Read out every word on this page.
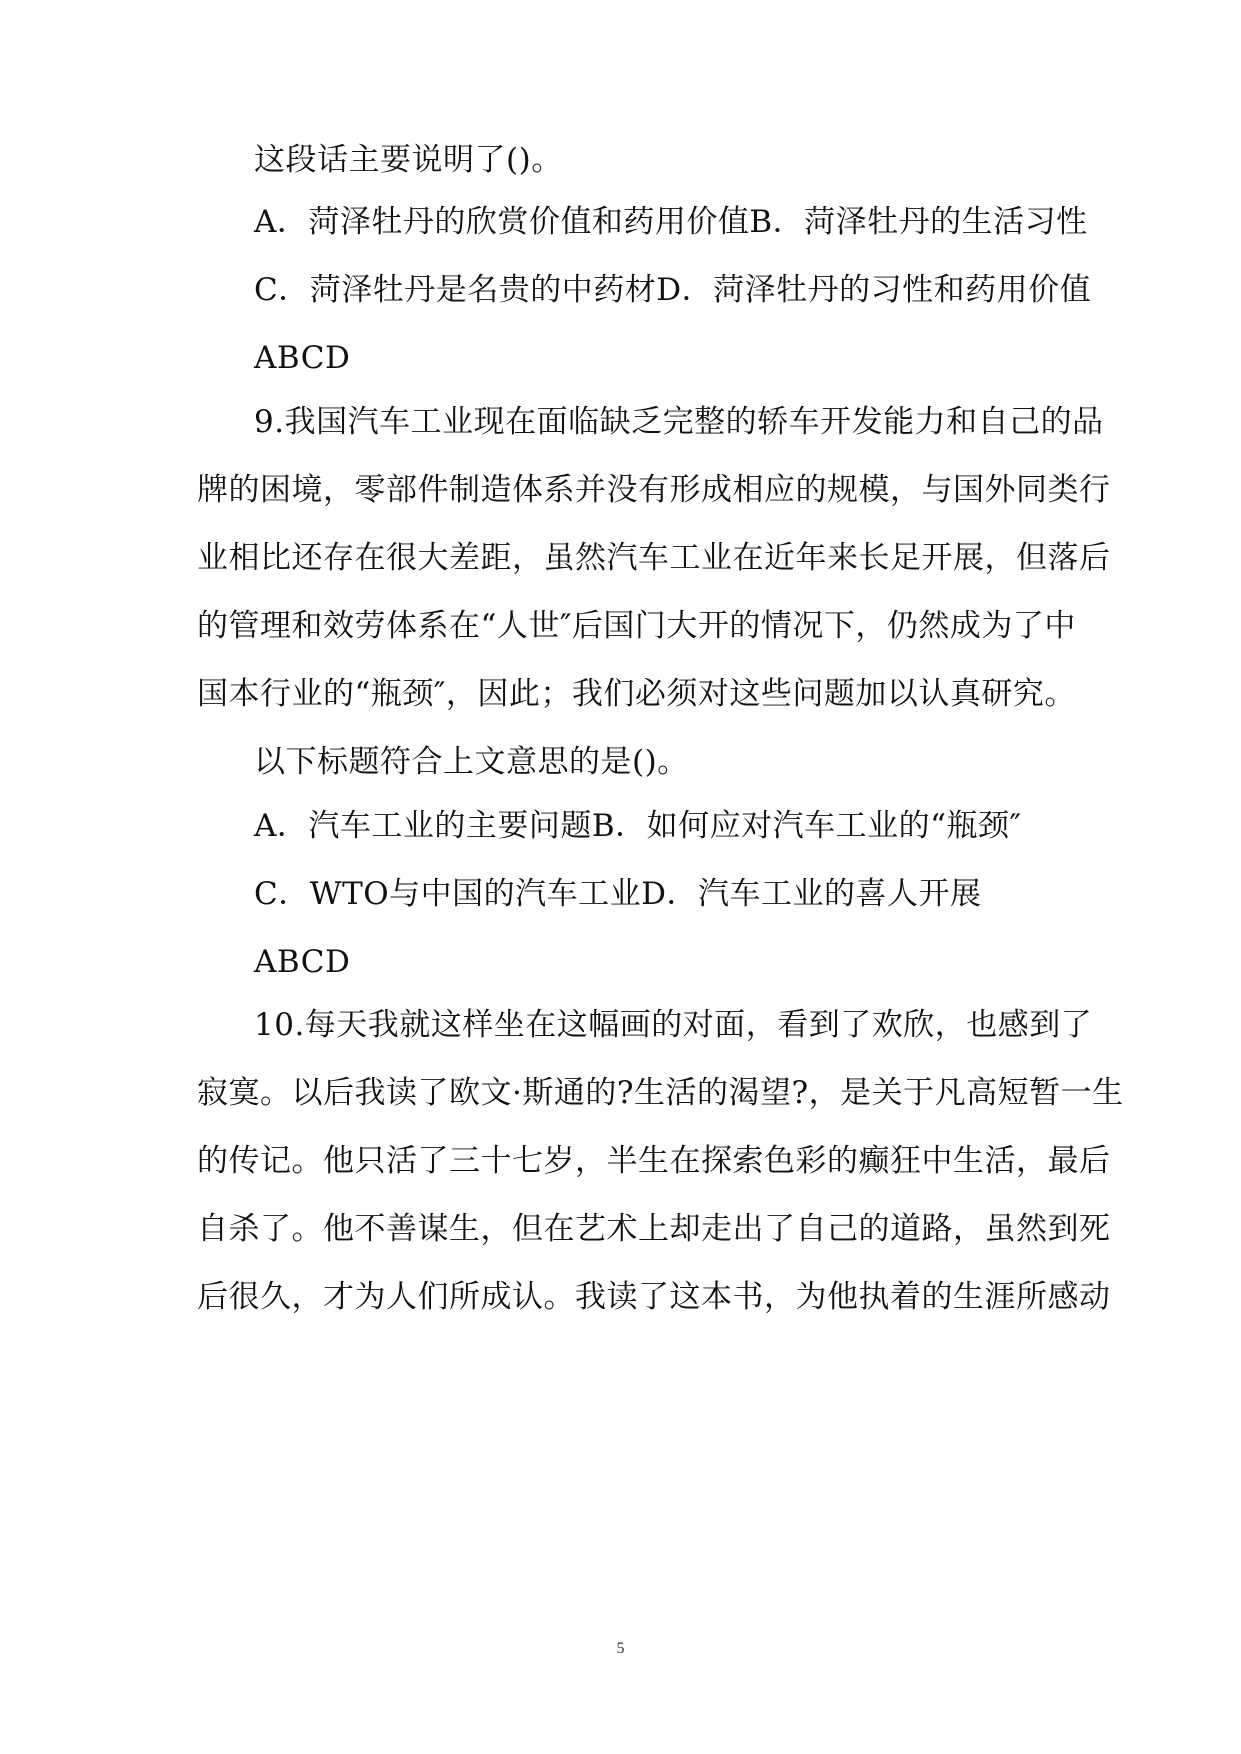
这段话主要说明了()。
A．菏泽牡丹的欣赏价值和药用价值B．菏泽牡丹的生活习性
C．菏泽牡丹是名贵的中药材D．菏泽牡丹的习性和药用价值
ABCD
9.我国汽车工业现在面临缺乏完整的轿车开发能力和自己的品
牌的困境，零部件制造体系并没有形成相应的规模，与国外同类行
业相比还存在很大差距，虽然汽车工业在近年来长足开展，但落后
的管理和效劳体系在“人世″后国门大开的情况下，仍然成为了中
国本行业的“瓶颈″，因此；我们必须对这些问题加以认真研究。
以下标题符合上文意思的是()。
A．汽车工业的主要问题B．如何应对汽车工业的“瓶颈″
C．WTO与中国的汽车工业D．汽车工业的喜人开展
ABCD
10.每天我就这样坐在这幅画的对面，看到了欢欣，也感到了
寂寞。以后我读了欧文·斯通的?生活的渴望?，是关于凡高短暂一生
的传记。他只活了三十七岁，半生在探索色彩的癫狂中生活，最后
自杀了。他不善谋生，但在艺术上却走出了自己的道路，虽然到死
后很久，才为人们所成认。我读了这本书，为他执着的生涯所感动
5
